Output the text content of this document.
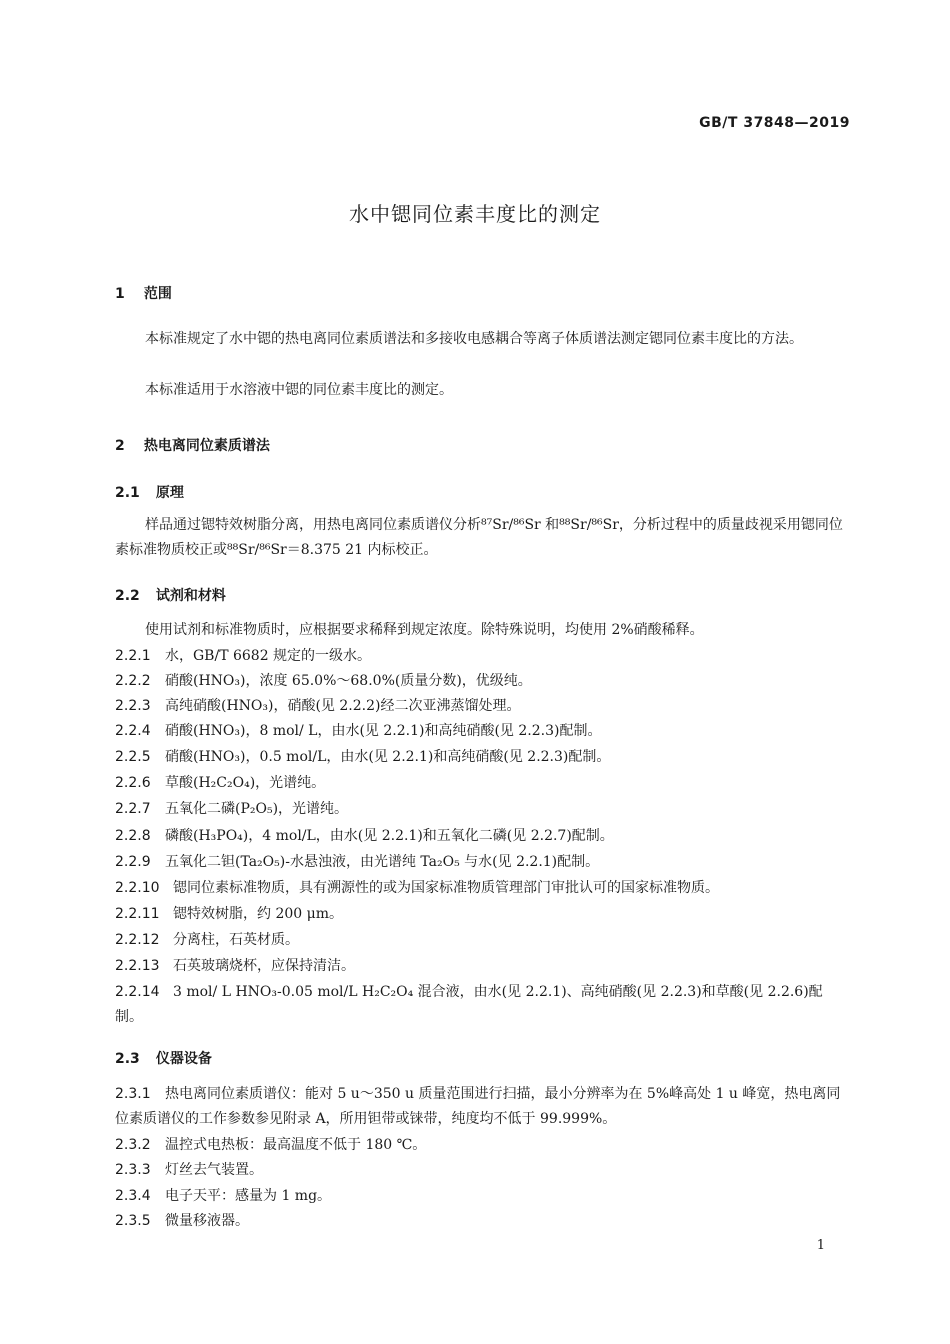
GB/T 37848—2019
水中锶同位素丰度比的测定
1 范围
本标准规定了水中锶的热电离同位素质谱法和多接收电感耦合等离子体质谱法测定锶同位素丰度比的方法。
本标准适用于水溶液中锶的同位素丰度比的测定。
2 热电离同位素质谱法
2.1 原理
样品通过锶特效树脂分离，用热电离同位素质谱仪分析⁸⁷Sr/⁸⁶Sr 和⁸⁸Sr/⁸⁶Sr，分析过程中的质量歧视采用锶同位素标准物质校正或⁸⁸Sr/⁸⁶Sr＝8.375 21 内标校正。
2.2 试剂和材料
使用试剂和标准物质时，应根据要求稀释到规定浓度。除特殊说明，均使用 2%硝酸稀释。
2.2.1 水，GB/T 6682 规定的一级水。
2.2.2 硝酸(HNO₃)，浓度 65.0%～68.0%(质量分数)，优级纯。
2.2.3 高纯硝酸(HNO₃)，硝酸(见 2.2.2)经二次亚沸蒸馏处理。
2.2.4 硝酸(HNO₃)，8 mol/ L，由水(见 2.2.1)和高纯硝酸(见 2.2.3)配制。
2.2.5 硝酸(HNO₃)，0.5 mol/L，由水(见 2.2.1)和高纯硝酸(见 2.2.3)配制。
2.2.6 草酸(H₂C₂O₄)，光谱纯。
2.2.7 五氧化二磷(P₂O₅)，光谱纯。
2.2.8 磷酸(H₃PO₄)，4 mol/L，由水(见 2.2.1)和五氧化二磷(见 2.2.7)配制。
2.2.9 五氧化二钽(Ta₂O₅)-水悬浊液，由光谱纯 Ta₂O₅ 与水(见 2.2.1)配制。
2.2.10 锶同位素标准物质，具有溯源性的或为国家标准物质管理部门审批认可的国家标准物质。
2.2.11 锶特效树脂，约 200 μm。
2.2.12 分离柱，石英材质。
2.2.13 石英玻璃烧杯，应保持清洁。
2.2.14 3 mol/ L HNO₃-0.05 mol/L H₂C₂O₄ 混合液，由水(见 2.2.1)、高纯硝酸(见 2.2.3)和草酸(见 2.2.6)配制。
2.3 仪器设备
2.3.1 热电离同位素质谱仪：能对 5 u～350 u 质量范围进行扫描，最小分辨率为在 5%峰高处 1 u 峰宽，热电离同位素质谱仪的工作参数参见附录 A，所用钽带或铼带，纯度均不低于 99.999%。
2.3.2 温控式电热板：最高温度不低于 180 ℃。
2.3.3 灯丝去气装置。
2.3.4 电子天平：感量为 1 mg。
2.3.5 微量移液器。
1
